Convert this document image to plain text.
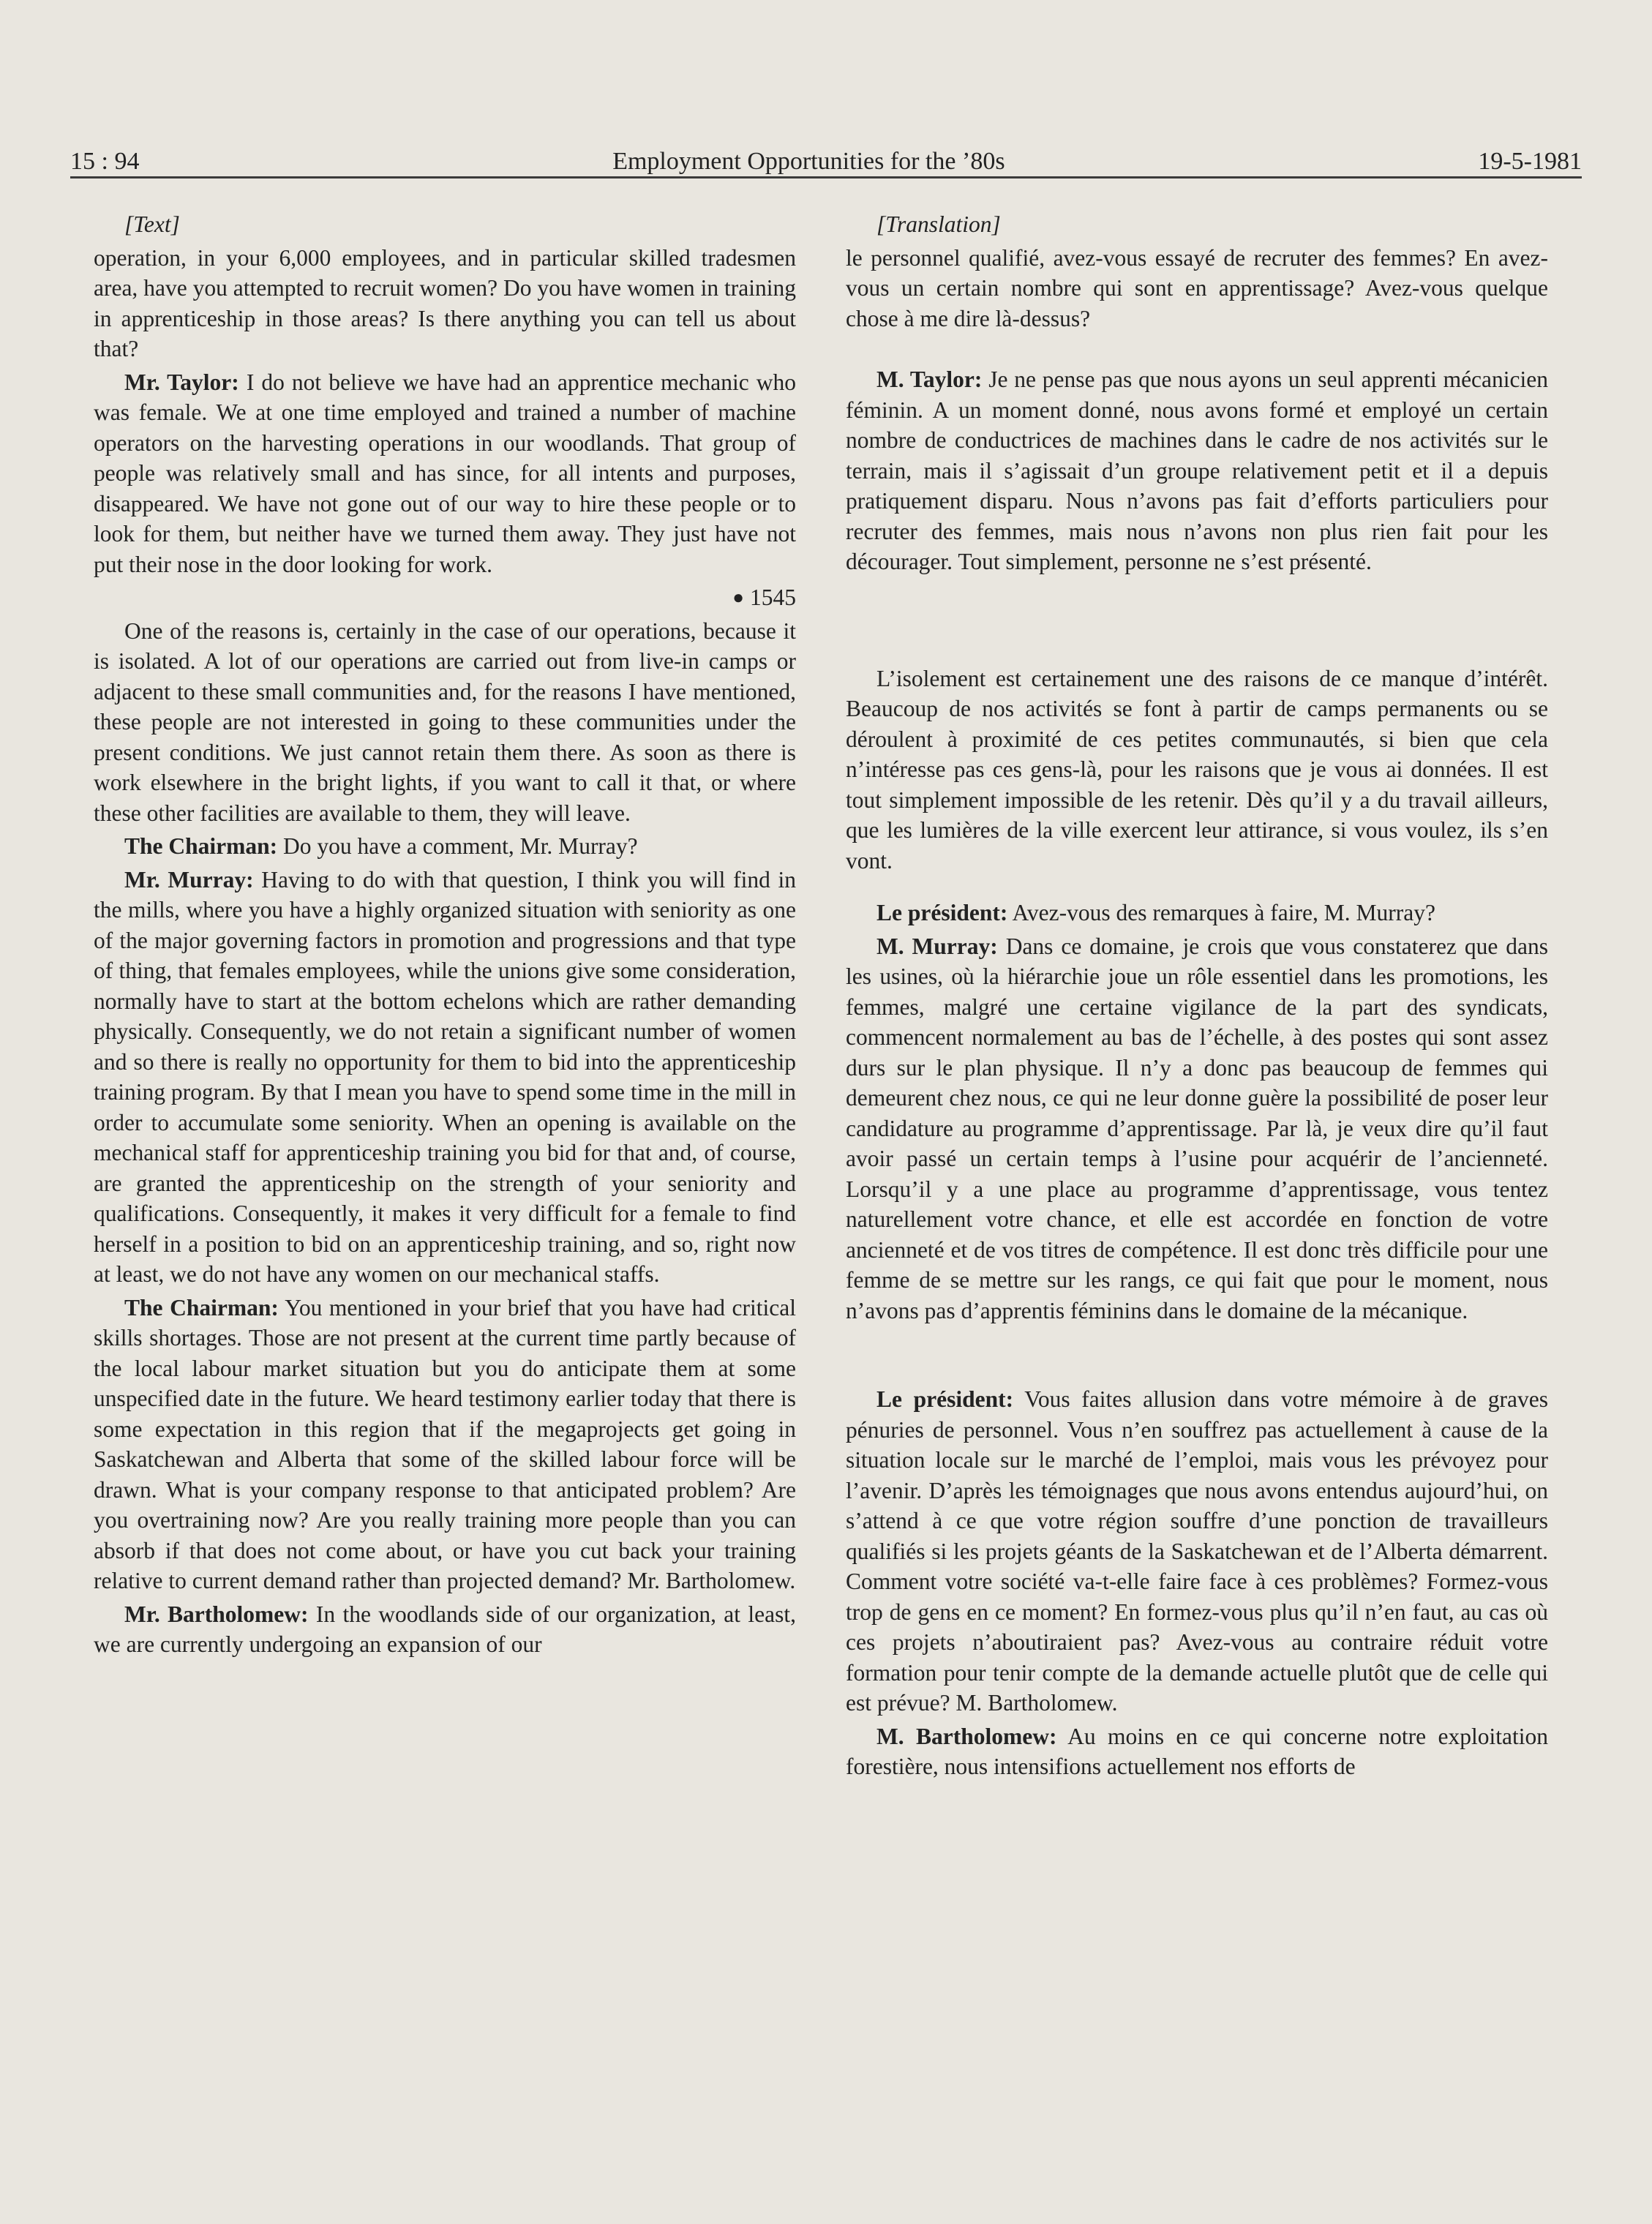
15 : 94	Employment Opportunities for the ’80s	19-5-1981

[Text]

operation, in your 6,000 employees, and in particular skilled tradesmen area, have you attempted to recruit women? Do you have women in training in apprenticeship in those areas? Is there anything you can tell us about that?

Mr. Taylor: I do not believe we have had an apprentice mechanic who was female. We at one time employed and trained a number of machine operators on the harvesting operations in our woodlands. That group of people was relatively small and has since, for all intents and purposes, disappeared. We have not gone out of our way to hire these people or to look for them, but neither have we turned them away. They just have not put their nose in the door looking for work.

● 1545

One of the reasons is, certainly in the case of our operations, because it is isolated. A lot of our operations are carried out from live-in camps or adjacent to these small communities and, for the reasons I have mentioned, these people are not interested in going to these communities under the present conditions. We just cannot retain them there. As soon as there is work elsewhere in the bright lights, if you want to call it that, or where these other facilities are available to them, they will leave.

The Chairman: Do you have a comment, Mr. Murray?

Mr. Murray: Having to do with that question, I think you will find in the mills, where you have a highly organized situation with seniority as one of the major governing factors in promotion and progressions and that type of thing, that females employees, while the unions give some consideration, normally have to start at the bottom echelons which are rather demanding physically. Consequently, we do not retain a significant number of women and so there is really no opportunity for them to bid into the apprenticeship training program. By that I mean you have to spend some time in the mill in order to accumulate some seniority. When an opening is available on the mechanical staff for apprenticeship training you bid for that and, of course, are granted the apprenticeship on the strength of your seniority and qualifications. Consequently, it makes it very difficult for a female to find herself in a position to bid on an apprenticeship training, and so, right now at least, we do not have any women on our mechanical staffs.

The Chairman: You mentioned in your brief that you have had critical skills shortages. Those are not present at the current time partly because of the local labour market situation but you do anticipate them at some unspecified date in the future. We heard testimony earlier today that there is some expectation in this region that if the megaprojects get going in Saskatchewan and Alberta that some of the skilled labour force will be drawn. What is your company response to that anticipated problem? Are you overtraining now? Are you really training more people than you can absorb if that does not come about, or have you cut back your training relative to current demand rather than projected demand? Mr. Bartholomew.

Mr. Bartholomew: In the woodlands side of our organization, at least, we are currently undergoing an expansion of our

[Translation]

le personnel qualifié, avez-vous essayé de recruter des femmes? En avez-vous un certain nombre qui sont en apprentissage? Avez-vous quelque chose à me dire là-dessus?

M. Taylor: Je ne pense pas que nous ayons un seul apprenti mécanicien féminin. A un moment donné, nous avons formé et employé un certain nombre de conductrices de machines dans le cadre de nos activités sur le terrain, mais il s’agissait d’un groupe relativement petit et il a depuis pratiquement disparu. Nous n’avons pas fait d’efforts particuliers pour recruter des femmes, mais nous n’avons non plus rien fait pour les décourager. Tout simplement, personne ne s’est présenté.

L’isolement est certainement une des raisons de ce manque d’intérêt. Beaucoup de nos activités se font à partir de camps permanents ou se déroulent à proximité de ces petites communautés, si bien que cela n’intéresse pas ces gens-là, pour les raisons que je vous ai données. Il est tout simplement impossible de les retenir. Dès qu’il y a du travail ailleurs, que les lumières de la ville exercent leur attirance, si vous voulez, ils s’en vont.

Le président: Avez-vous des remarques à faire, M. Murray?

M. Murray: Dans ce domaine, je crois que vous constaterez que dans les usines, où la hiérarchie joue un rôle essentiel dans les promotions, les femmes, malgré une certaine vigilance de la part des syndicats, commencent normalement au bas de l’échelle, à des postes qui sont assez durs sur le plan physique. Il n’y a donc pas beaucoup de femmes qui demeurent chez nous, ce qui ne leur donne guère la possibilité de poser leur candidature au programme d’apprentissage. Par là, je veux dire qu’il faut avoir passé un certain temps à l’usine pour acquérir de l’ancienneté. Lorsqu’il y a une place au programme d’apprentissage, vous tentez naturellement votre chance, et elle est accordée en fonction de votre ancienneté et de vos titres de compétence. Il est donc très difficile pour une femme de se mettre sur les rangs, ce qui fait que pour le moment, nous n’avons pas d’apprentis féminins dans le domaine de la mécanique.

Le président: Vous faites allusion dans votre mémoire à de graves pénuries de personnel. Vous n’en souffrez pas actuellement à cause de la situation locale sur le marché de l’emploi, mais vous les prévoyez pour l’avenir. D’après les témoignages que nous avons entendus aujourd’hui, on s’attend à ce que votre région souffre d’une ponction de travailleurs qualifiés si les projets géants de la Saskatchewan et de l’Alberta démarrent. Comment votre société va-t-elle faire face à ces problèmes? Formez-vous trop de gens en ce moment? En formez-vous plus qu’il n’en faut, au cas où ces projets n’aboutiraient pas? Avez-vous au contraire réduit votre formation pour tenir compte de la demande actuelle plutôt que de celle qui est prévue? M. Bartholomew.

M. Bartholomew: Au moins en ce qui concerne notre exploitation forestière, nous intensifions actuellement nos efforts de
